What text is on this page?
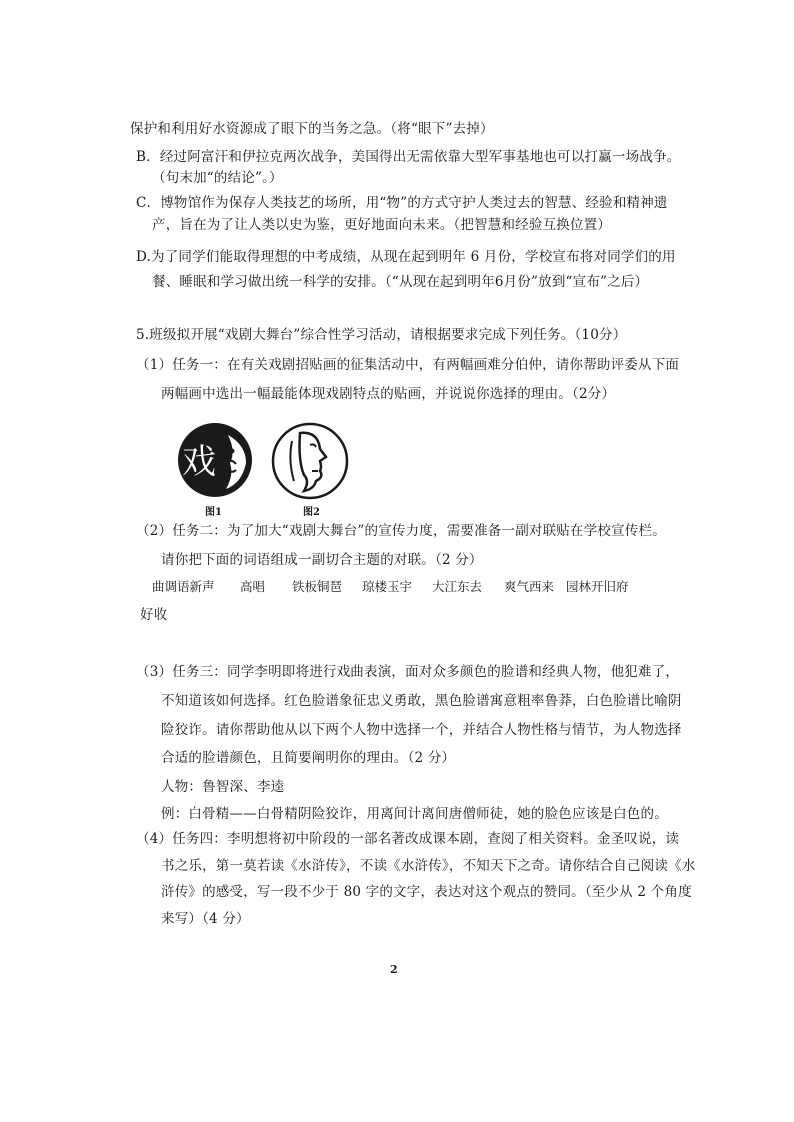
保护和利用好水资源成了眼下的当务之急。（将“眼下”去掉）
B．经过阿富汗和伊拉克两次战争，美国得出无需依靠大型军事基地也可以打赢一场战争。
（句末加“的结论”。）
C．博物馆作为保存人类技艺的场所，用“物”的方式守护人类过去的智慧、经验和精神遗
产，旨在为了让人类以史为鉴，更好地面向未来。（把智慧和经验互换位置）
D.为了同学们能取得理想的中考成绩，从现在起到明年 6 月份，学校宣布将对同学们的用
餐、睡眠和学习做出统一科学的安排。（“从现在起到明年6月份”放到“宣布”之后）
5.班级拟开展“戏剧大舞台”综合性学习活动，请根据要求完成下列任务。（10分）
（1）任务一：在有关戏剧招贴画的征集活动中，有两幅画难分伯仲，请你帮助评委从下面
两幅画中选出一幅最能体现戏剧特点的贴画，并说说你选择的理由。（2分）
戏
图1	图2
（2）任务二：为了加大“戏剧大舞台”的宣传力度，需要准备一副对联贴在学校宣传栏。
请你把下面的词语组成一副切合主题的对联。（2 分）
曲调语新声 高唱 铁板铜琶 琼楼玉宇 大江东去 爽气西来 园林开旧府
好收
（3）任务三：同学李明即将进行戏曲表演，面对众多颜色的脸谱和经典人物，他犯难了，
不知道该如何选择。红色脸谱象征忠义勇敢，黑色脸谱寓意粗率鲁莽，白色脸谱比喻阴
险狡诈。请你帮助他从以下两个人物中选择一个，并结合人物性格与情节，为人物选择
合适的脸谱颜色，且简要阐明你的理由。（2 分）
人物：鲁智深、李逵
例：白骨精——白骨精阴险狡诈，用离间计离间唐僧师徒，她的脸色应该是白色的。
（4）任务四：李明想将初中阶段的一部名著改成课本剧，查阅了相关资料。金圣叹说，读
书之乐，第一莫若读《水浒传》，不读《水浒传》，不知天下之奇。请你结合自己阅读《水
浒传》的感受，写一段不少于 80 字的文字，表达对这个观点的赞同。（至少从 2 个角度
来写）（4 分）
2
